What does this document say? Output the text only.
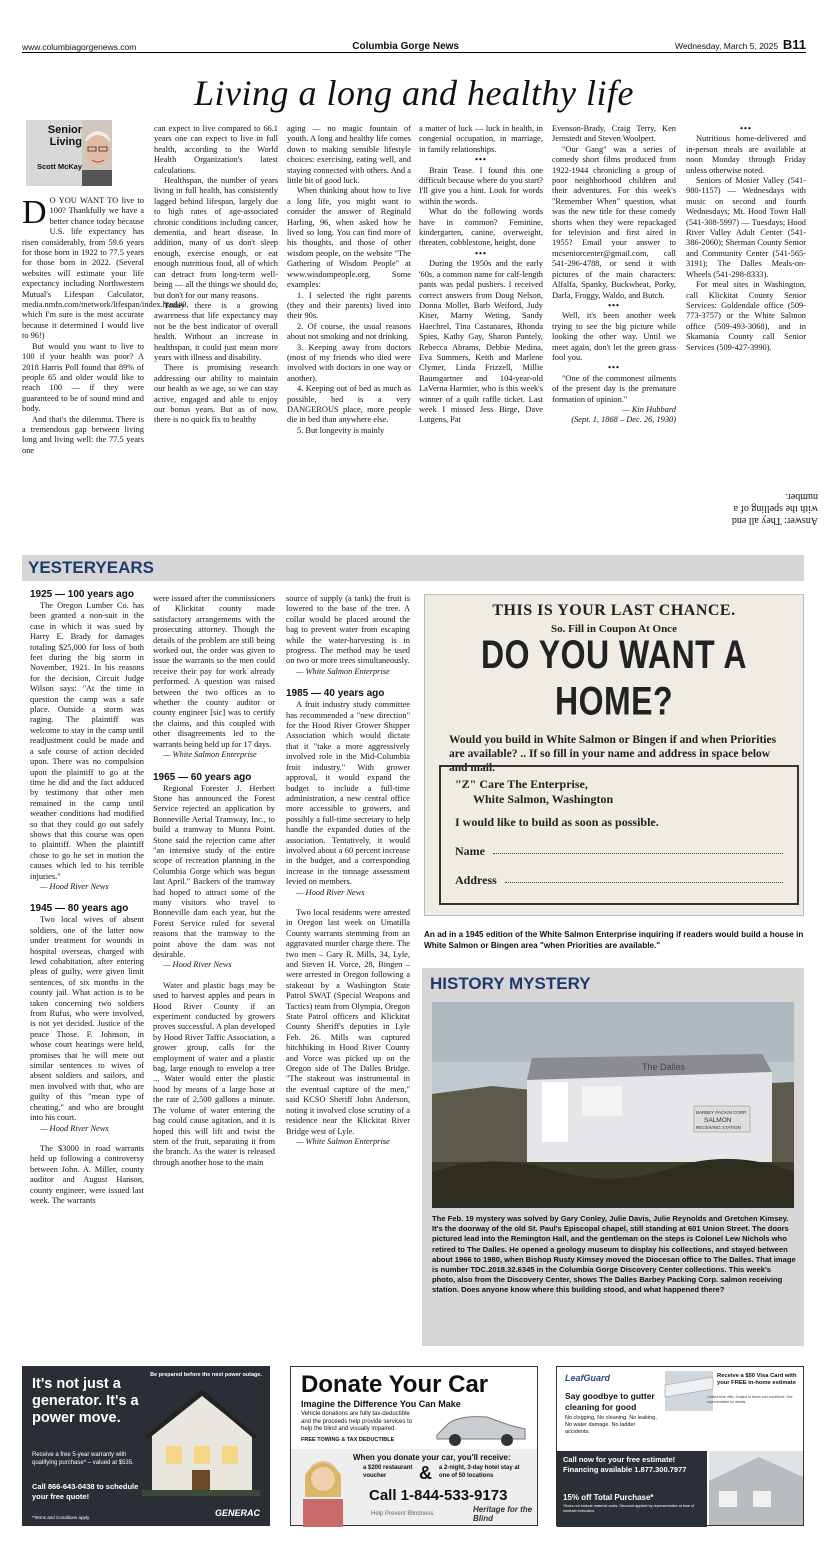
www.columbiagorgenews.com	Columbia Gorge News	Wednesday, March 5, 2025 B11
Living a long and healthy life
Senior Living
Scott McKay

D O YOU WANT TO live to 100? Thankfully we have a better chance today because U.S. life expectancy has risen considerably, from 59.6 years for those born in 1922 to 77.5 years for those born in 2022. (Several websites will estimate your life expectancy including Northwestern Mutual's Lifespan Calculator, media.nmfn.com/tnetwork/lifespan/index.html#0, which I'm sure is the most accurate because it determined I would live to 96!)

But would you want to live to 100 if your health was poor? A 2018 Harris Poll found that 89% of people 65 and older would like to reach 100 — if they were guaranteed to be of sound mind and body.

And that's the dilemma. There is a tremendous gap between living long and living well: the 77.5 years one

can expect to live compared to 66.1 years one can expect to live in full health, according to the World Health Organization's latest calculations.

Healthspan, the number of years living in full health, has consistently lagged behind lifespan, largely due to high rates of age-associated chronic conditions including cancer, dementia, and heart disease. In addition, many of us don't sleep enough, exercise enough, or eat enough nutritious food, all of which can detract from long-term well-being — all the things we should do, but don't for our many reasons.

Today there is a growing awareness that life expectancy may not be the best indicator of overall health. Without an increase in healthspan, it could just mean more years with illness and disability.

There is promising research addressing our ability to maintain our health as we age, so we can stay active, engaged and able to enjoy our bonus years. But as of now, there is no quick fix to healthy

aging — no magic fountain of youth. A long and healthy life comes down to making sensible lifestyle choices: exercising, eating well, and staying connected with others. And a little bit of good luck.

When thinking about how to live a long life, you might want to consider the answer of Reginald Harling, 96, when asked how he lived so long. You can find more of his thoughts, and those of other wisdom people, on the website "The Gathering of Wisdom People" at www.wisdompeople.org. Some examples:

1. I selected the right parents (they and their parents) lived into their 90s.

2. Of course, the usual reasons about not smoking and not drinking.

3. Keeping away from doctors (most of my friends who died were involved with doctors in one way or another).

4. Keeping out of bed as much as possible, bed is a very DANGEROUS place, more people die in bed than anywhere else.

5. But longevity is mainly

a matter of luck — luck in health, in congenial occupation, in marriage, in family relationships.

•••

Brain Tease. I found this one difficult because where do you start? I'll give you a hint. Look for words within the words.

What do the following words have in common? Feminine, kindergarten, canine, overweight, threaten, cobblestone, height, done

•••

During the 1950s and the early '60s, a common name for calf-length pants was pedal pushers. I received correct answers from Doug Nelson, Donna Mollet, Barb Weiford, Judy Kiser, Marny Weting, Sandy Haechrel, Tina Castanares, Rhonda Spies, Kathy Gay, Sharon Pantely, Rebecca Abrams, Debbie Medina, Eva Summers, Keith and Marlene Clymer, Linda Frizzell, Millie Baumgartner and 104-year-old LaVerna Harmier, who is this week's winner of a quilt raffle ticket. Last week I missed Jess Birge, Dave Lutgens, Pat

Evenson-Brady, Craig Terry, Ken Jernstedt and Steven Woolpert.

"Our Gang" was a series of comedy short films produced from 1922-1944 chronicling a group of poor neighborhood children and their adventures. For this week's "Remember When" question, what was the new title for these comedy shorts when they were repackaged for television and first aired in 1955? Email your answer to mcseniorcenter@gmail.com, call 541-296-4788, or send it with pictures of the main characters: Alfalfa, Spanky, Buckwheat, Porky, Darla, Froggy, Waldo, and Butch.

•••

Well, it's been another week trying to see the big picture while looking the other way. Until we meet again, don't let the green grass fool you.

•••

"One of the commonest ailments of the present day is the premature formation of opinion."

— Kin Hubbard

(Sept. 1, 1868 – Dec. 26, 1930)

•••

Nutritious home-delivered and in-person meals are available at noon Monday through Friday unless otherwise noted.

Seniors of Mosier Valley (541-980-1157) — Wednesdays with music on second and fourth Wednesdays; Mt. Hood Town Hall (541-308-5997) — Tuesdays; Hood River Valley Adult Center (541-386-2060); Sherman County Senior and Community Center (541-565-3191); The Dalles Meals-on-Wheels (541-298-8333).

For meal sites in Washington, call Klickitat County Senior Services: Goldendale office (509-773-3757) or the White Salmon office (509-493-3068), and in Skamania County call Senior Services (509-427-3990).

Answer: They all end with the spelling of a number.
YESTERYEARS
1925 — 100 years ago

The Oregon Lumber Co. has been granted a non-suit in the case in which it was sued by Harry E. Brady for damages totaling $25,000 for loss of both feet during the big storm in November, 1921. In his reasons for the decision, Circuit Judge Wilson says: "At the time in question the camp was a safe place. Outside a storm was raging. The plaintiff was welcome to stay in the camp until readjustment could be made and a safe course of action decided upon. There was no compulsion upon the plaintiff to go at the time he did and the fact adduced by testimony that other men remained in the camp until weather conditions had modified so that they could go out safely shows that this course was open to plaintiff. When the plaintiff chose to go he set in motion the causes which led to his terrible injuries."

— Hood River News

1945 — 80 years ago

Two local wives of absent soldiers, one of the latter now under treatment for wounds in hospital overseas, charged with lewd cohabitation, after entering pleas of guilty, were given limit sentences, of six months in the county jail. What action is to be taken concerning two soldiers from Rufus, who were involved, is not yet decided. Justice of the peace Those. F. Johnson, in whose court hearings were held, promises that he will mete out similar sentences to wives of absent soldiers and sailors, and men involved with that, who are guilty of this "mean type of cheating," and who are brought into his court.

— Hood River News

The $3000 in road warrants held up following a controversy between John. A. Miller, county auditor and August Hanson, county engineer, were issued last week. The warrants

were issued after the commissioners of Klickitat county made satisfactory arrangements with the prosecuting attorney. Though the details of the problem are still being worked out, the order was given to issue the warrants so the men could receive their pay for work already performed. A question was raised between the two offices as to whether the county auditor or county engineer [sic] was to certify the claims, and this coupled with other disagreements led to the warrants being held up for 17 days.

— White Salmon Enterprise

1965 — 60 years ago

Regional Forester J. Herbert Stone has announced the Forest Service rejected an application by Bonneville Aerial Tramway, Inc., to build a tramway to Munra Point. Stone said the rejection came after "an intensive study of the entire scope of recreation planning in the Columbia Gorge which was begun last April." Backers of the tramway had hoped to attract some of the many visitors who travel to Bonneville dam each year, but the Forest Service ruled for several reasons that the tramway to the point above the dam was not desirable.

— Hood River News

Water and plastic bags may be used to harvest apples and pears in Hood River County if an experiment conducted by growers proves successful. A plan developed by Hood River Taffic Association, a grower group, calls for the employment of water and a plastic bag, large enough to envelop a tree ... Water would enter the plastic hood by means of a large hose at the rate of 2,500 gallons a minute. The volume of water entering the bag could cause agitation, and it is hoped this will lift and twist the stem of the fruit, separating it from the branch. As the water is released through another hose to the main

source of supply (a tank) the fruit is lowered to the base of the tree. A collar would be placed around the bag to prevent water from escaping while the water-harvesting is in progress. The method may be used on two or more trees simultaneously.

— White Salmon Enterprise

1985 — 40 years ago

A fruit industry study committee has recommended a "new direction" for the Hood River Grower Shipper Association which would dictate that it "take a more aggressively involved role in the Mid-Columbia fruit industry." With grower approval, it would expand the budget to include a full-time administration, a new central office more accessible to growers, and possibly a full-time secretary to help handle the expanded duties of the association. Tentatively, it would involved about a 60 percent increase in the budget, and a corresponding increase in the tonnage assessment levied on members.

— Hood River News

Two local residents were arrested in Oregon last week on Umatilla County warrants stemming from an aggravated murder charge there. The two men – Gary R. Mills, 34, Lyle, and Steven H. Vorce, 28, Bingen – were arrested in Oregon following a stakeout by a Washington State Patrol SWAT (Special Weapons and Tactics) team from Olympia, Oregon State Patrol officers and Klickitat County Sheriff's deputies in Lyle Feb. 26. Mills was captured hitchhiking in Hood River County and Vorce was picked up on the Oregon side of The Dalles Bridge. "The stakeout was instrumental in the eventual capture of the men," said KCSO Sheriff John Anderson, noting it involved close scrutiny of a residence near the Klickitat River Bridge west of Lyle.

— White Salmon Enterprise

THIS IS YOUR LAST CHANCE.
So. Fill in Coupon At Once
DO YOU WANT A HOME?
Would you build in White Salmon or Bingen if and when Priorities are available? .. If so fill in your name and address in space below and mail.
"Z" Care The Enterprise,
White Salmon, Washington
I would like to build as soon as possible.
Name
Address
An ad in a 1945 edition of the White Salmon Enterprise inquiring if readers would build a house in White Salmon or Bingen area "when Priorities are available."
HISTORY MYSTERY
The Dalles
BARBEY PACKIN CORP.
SALMON
RECEIVING STATION
The Feb. 19 mystery was solved by Gary Conley, Julie Davis, Julie Reynolds and Gretchen Kimsey. It's the doorway of the old St. Paul's Episcopal chapel, still standing at 601 Union Street. The doors pictured lead into the Remington Hall, and the gentleman on the steps is Colonel Lew Nichols who retired to The Dalles. He opened a geology museum to display his collections, and stayed between about 1966 to 1980, when Bishop Rusty Kimsey moved the Diocesan office to The Dalles. That image is number TDC.2018.32.6345 in the Columbia Gorge Discovery Center collections. This week's photo, also from the Discovery Center, shows The Dalles Barbey Packing Corp. salmon receiving station. Does anyone know where this building stood, and what happened there?
It's not just a generator. It's a power move.
Be prepared before the next power outage.
Receive a free 5-year warranty with qualifying purchase* – valued at $535.
Call 866-643-0438 to schedule your free quote!
*Terms and Conditions apply.	GENERAC
Donate Your Car
Imagine the Difference You Can Make
Vehicle donations are fully tax-deductible and the proceeds help provide services to help the blind and visually impaired.
FREE TOWING & TAX DEDUCTIBLE
When you donate your car, you'll receive:
a $200 restaurant voucher	& a 2-night, 3-day hotel stay at one of 50 locations
Call 1-844-533-9173
Help Prevent Blindness	Heritage for the Blind
LeafGuard
Say goodbye to gutter cleaning for good
No clogging, No cleaning. No leaking, No water damage. No ladder accidents.
Receive a $50 Visa Card with your FREE in-home estimate
Limited time offer. Subject to terms and conditions. See representative for details.
Call now for your free estimate!
Financing available 1.877.300.7977
15% off Total Purchase*
*Does not include material costs. Discount applied by representative at time of contract execution.
